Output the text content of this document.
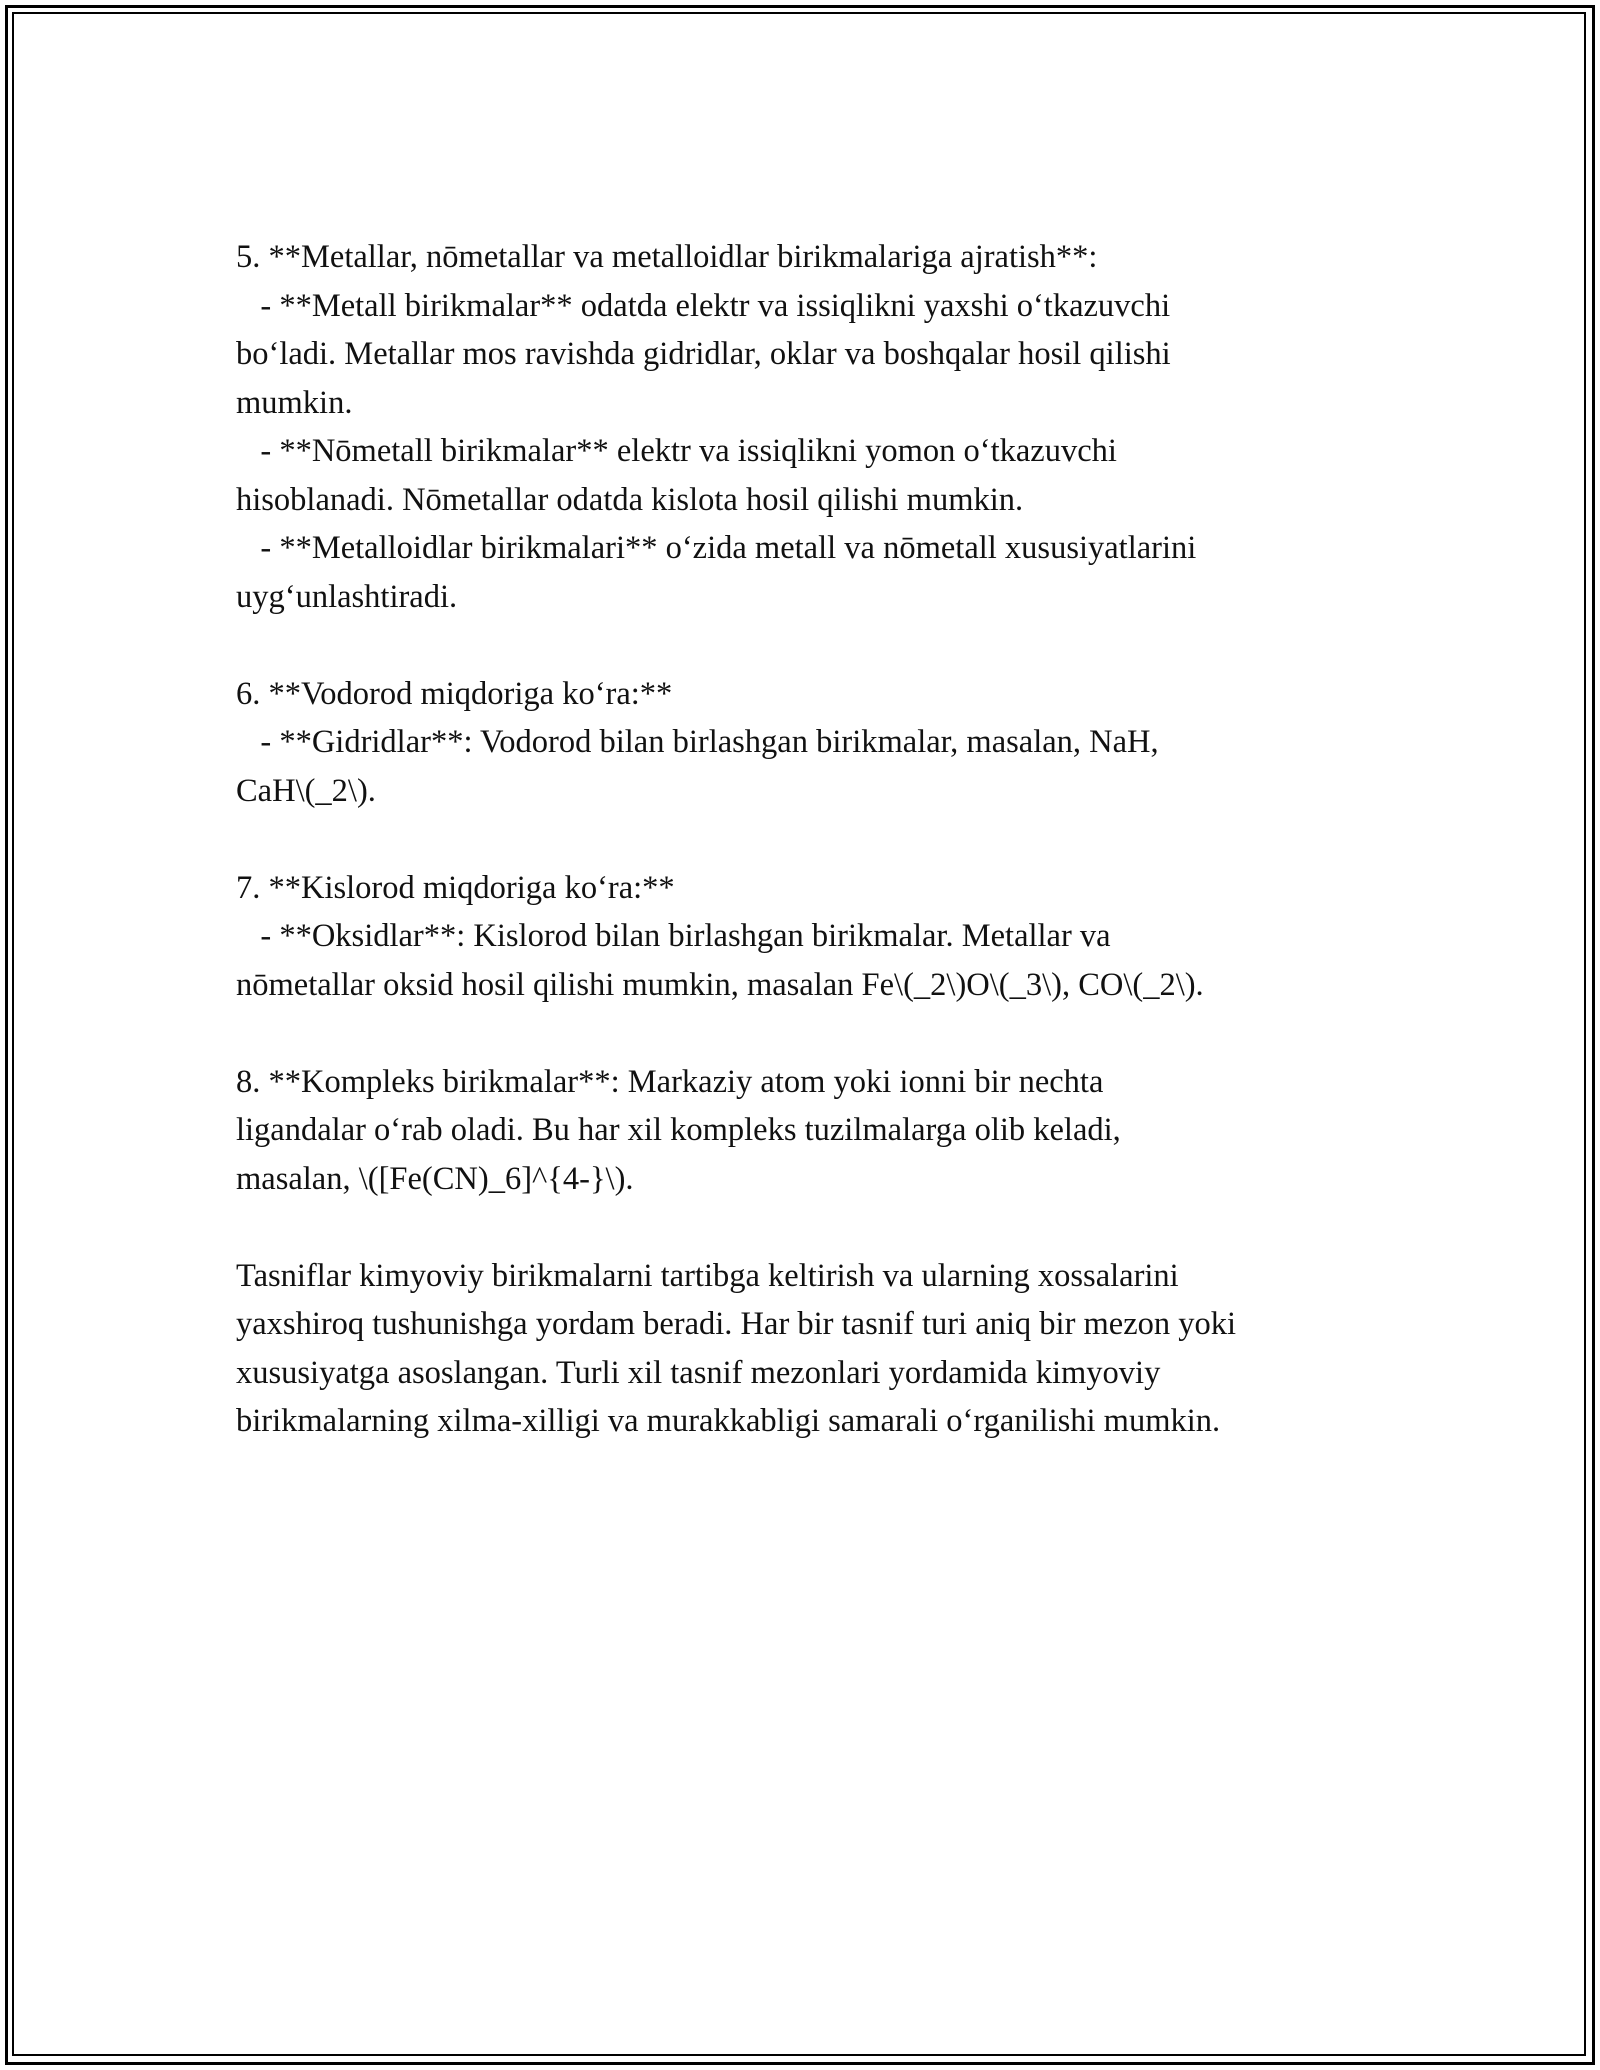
5. **Metallar, nōmetallar va metalloidlar birikmalariga ajratish**:
- **Metall birikmalar** odatda elektr va issiqlikni yaxshi o‘tkazuvchi
bo‘ladi. Metallar mos ravishda gidridlar, oklar va boshqalar hosil qilishi
mumkin.
- **Nōmetall birikmalar** elektr va issiqlikni yomon o‘tkazuvchi
hisoblanadi. Nōmetallar odatda kislota hosil qilishi mumkin.
- **Metalloidlar birikmalari** o‘zida metall va nōmetall xususiyatlarini
uyg‘unlashtiradi.
6. **Vodorod miqdoriga ko‘ra:**
- **Gidridlar**: Vodorod bilan birlashgan birikmalar, masalan, NaH,
CaH\(_2\).
7. **Kislorod miqdoriga ko‘ra:**
- **Oksidlar**: Kislorod bilan birlashgan birikmalar. Metallar va
nōmetallar oksid hosil qilishi mumkin, masalan Fe\(_2\)O\(_3\), CO\(_2\).
8. **Kompleks birikmalar**: Markaziy atom yoki ionni bir nechta
ligandalar o‘rab oladi. Bu har xil kompleks tuzilmalarga olib keladi,
masalan, \([Fe(CN)_6]^{4-}\).
Tasniflar kimyoviy birikmalarni tartibga keltirish va ularning xossalarini
yaxshiroq tushunishga yordam beradi. Har bir tasnif turi aniq bir mezon yoki
xususiyatga asoslangan. Turli xil tasnif mezonlari yordamida kimyoviy
birikmalarning xilma-xilligi va murakkabligi samarali o‘rganilishi mumkin.
